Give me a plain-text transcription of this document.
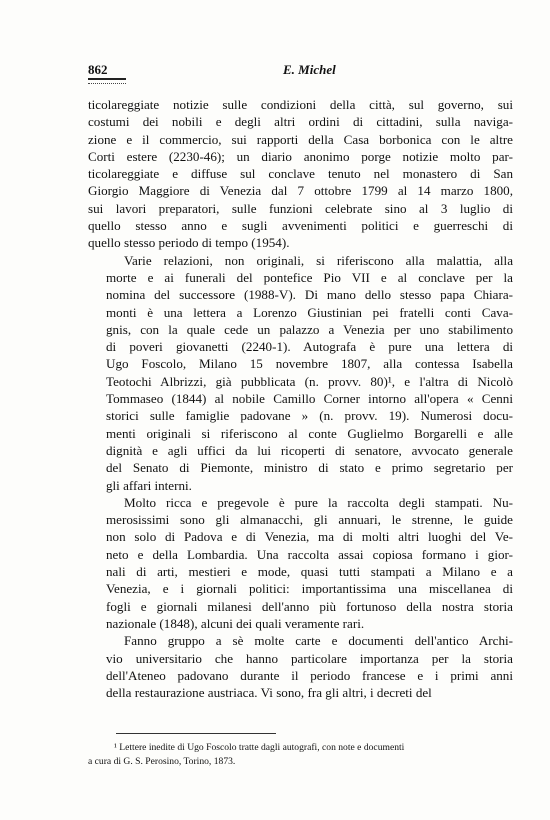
862	E. Michel

ticolareggiate notizie sulle condizioni della città, sul governo, sui
costumi dei nobili e degli altri ordini di cittadini, sulla naviga-
zione e il commercio, sui rapporti della Casa borbonica con le altre
Corti estere (2230-46); un diario anonimo porge notizie molto par-
ticolareggiate e diffuse sul conclave tenuto nel monastero di San
Giorgio Maggiore di Venezia dal 7 ottobre 1799 al 14 marzo 1800,
sui lavori preparatori, sulle funzioni celebrate sino al 3 luglio di
quello stesso anno e sugli avvenimenti politici e guerreschi di
quello stesso periodo di tempo (1954).

Varie relazioni, non originali, si riferiscono alla malattia, alla
morte e ai funerali del pontefice Pio VII e al conclave per la
nomina del successore (1988-V). Di mano dello stesso papa Chiara-
monti è una lettera a Lorenzo Giustinian pei fratelli conti Cava-
gnis, con la quale cede un palazzo a Venezia per uno stabilimento
di poveri giovanetti (2240-1). Autografa è pure una lettera di
Ugo Foscolo, Milano 15 novembre 1807, alla contessa Isabella
Teotochi Albrizzi, già pubblicata (n. provv. 80)¹, e l'altra di Nicolò
Tommaseo (1844) al nobile Camillo Corner intorno all'opera « Cenni
storici sulle famiglie padovane » (n. provv. 19). Numerosi docu-
menti originali si riferiscono al conte Guglielmo Borgarelli e alle
dignità e agli uffici da lui ricoperti di senatore, avvocato generale
del Senato di Piemonte, ministro di stato e primo segretario per
gli affari interni.

Molto ricca e pregevole è pure la raccolta degli stampati. Nu-
merosissimi sono gli almanacchi, gli annuari, le strenne, le guide
non solo di Padova e di Venezia, ma di molti altri luoghi del Ve-
neto e della Lombardia. Una raccolta assai copiosa formano i gior-
nali di arti, mestieri e mode, quasi tutti stampati a Milano e a
Venezia, e i giornali politici: importantissima una miscellanea di
fogli e giornali milanesi dell'anno più fortunoso della nostra storia
nazionale (1848), alcuni dei quali veramente rari.

Fanno gruppo a sè molte carte e documenti dell'antico Archi-
vio universitario che hanno particolare importanza per la storia
dell'Ateneo padovano durante il periodo francese e i primi anni
della restaurazione austriaca. Vi sono, fra gli altri, i decreti del

¹ Lettere inedite di Ugo Foscolo tratte dagli autografi, con note e documenti
a cura di G. S. Perosino, Torino, 1873.
